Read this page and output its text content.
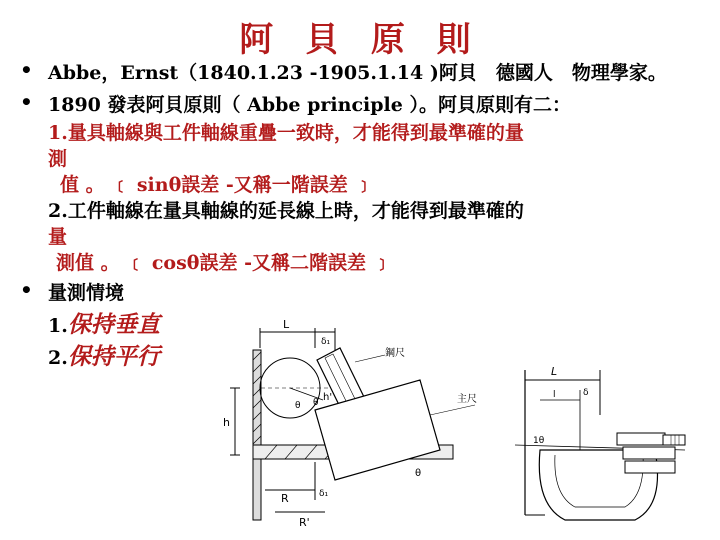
阿 貝 原 則
• Abbe，Ernst（1840.1.23 -1905.1.14 )阿貝　德國人　物理學家。
• 1890 發表阿貝原則（ Abbe principle ）。阿貝原則有二：
1.量具軸線與工件軸線重疊一致時，才能得到最準確的量
測
值 。 ﹝ sinθ誤差 -又稱一階誤差 ﹞
2.工件軸線在量具軸線的延長線上時，才能得到最準確的
量
測值 。 ﹝ cosθ誤差 -又稱二階誤差 ﹞
• 量測情境
1.保持垂直
2.保持平行
L
δ₁
θ θ h'	主尺
鋼尺
h
R	δ₁
R'
θ
L
l	δ
1θ
